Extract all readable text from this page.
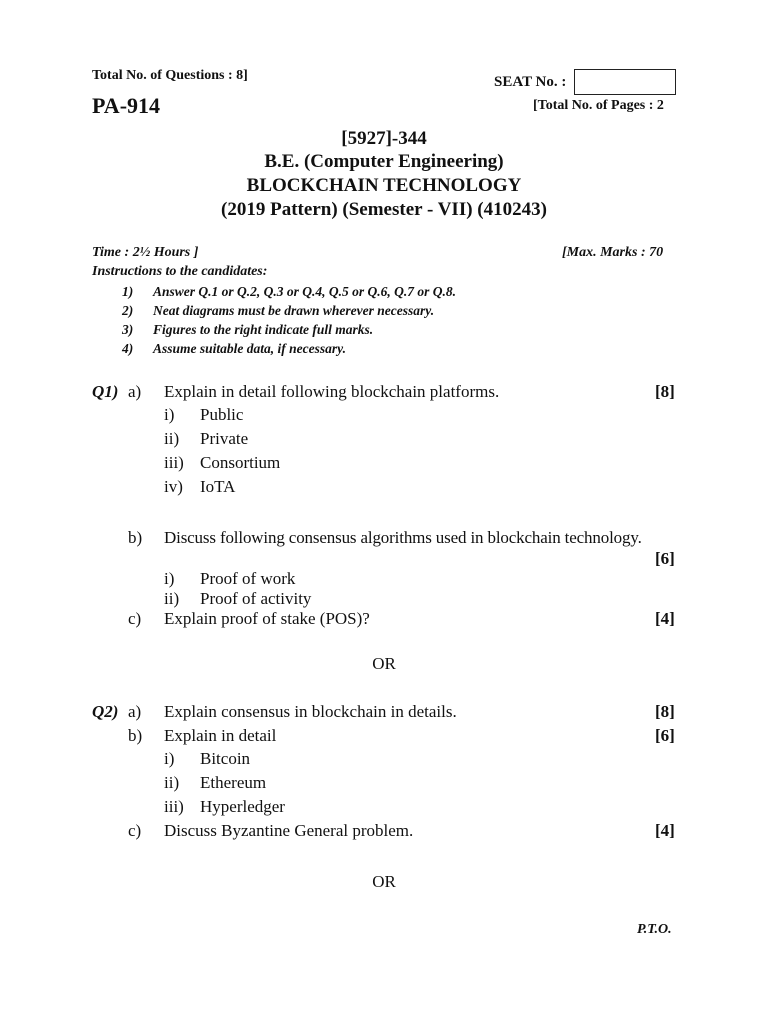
Total No. of Questions : 8]
PA-914
SEAT No. :
[Total No. of Pages : 2
[5927]-344
B.E. (Computer Engineering)
BLOCKCHAIN TECHNOLOGY
(2019 Pattern) (Semester - VII) (410243)
Time : 2½ Hours ]	[Max. Marks : 70
Instructions to the candidates:
1) Answer Q.1 or Q.2, Q.3 or Q.4, Q.5 or Q.6, Q.7 or Q.8.
2) Neat diagrams must be drawn wherever necessary.
3) Figures to the right indicate full marks.
4) Assume suitable data, if necessary.
Q1) a) Explain in detail following blockchain platforms.	[8]
i) Public
ii) Private
iii) Consortium
iv) IoTA
b) Discuss following consensus algorithms used in blockchain technology.
[6]
i) Proof of work
ii) Proof of activity
c) Explain proof of stake (POS)?	[4]
OR
Q2) a) Explain consensus in blockchain in details.	[8]
b) Explain in detail	[6]
i) Bitcoin
ii) Ethereum
iii) Hyperledger
c) Discuss Byzantine General problem.	[4]
OR
P.T.O.
